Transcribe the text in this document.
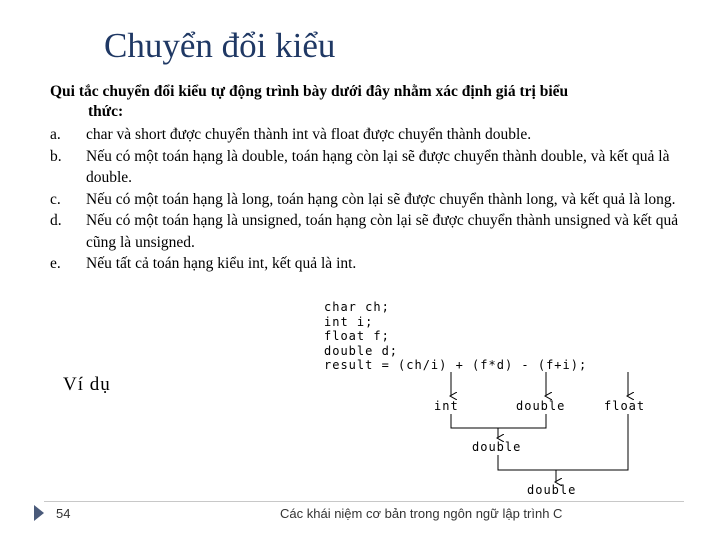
Chuyển đổi kiểu
Qui tắc chuyển đổi kiểu tự động trình bày dưới đây nhằm xác định giá trị biểu
thức:
a. char và short được chuyển thành int và float được chuyển thành double.
b. Nếu có một toán hạng là double, toán hạng còn lại sẽ được chuyển thành double, và kết quả là double.
c. Nếu có một toán hạng là long, toán hạng còn lại sẽ được chuyển thành long, và kết quả là long.
d. Nếu có một toán hạng là unsigned, toán hạng còn lại sẽ được chuyển thành unsigned và kết quả cũng là unsigned.
e. Nếu tất cả toán hạng kiểu int, kết quả là int.
char ch;
int i;
float f;
double d;
result = (ch/i) + (f*d) - (f+i);
Ví dụ
int	double	float
double
double
54	Các khái niệm cơ bản trong ngôn ngữ lập trình C
